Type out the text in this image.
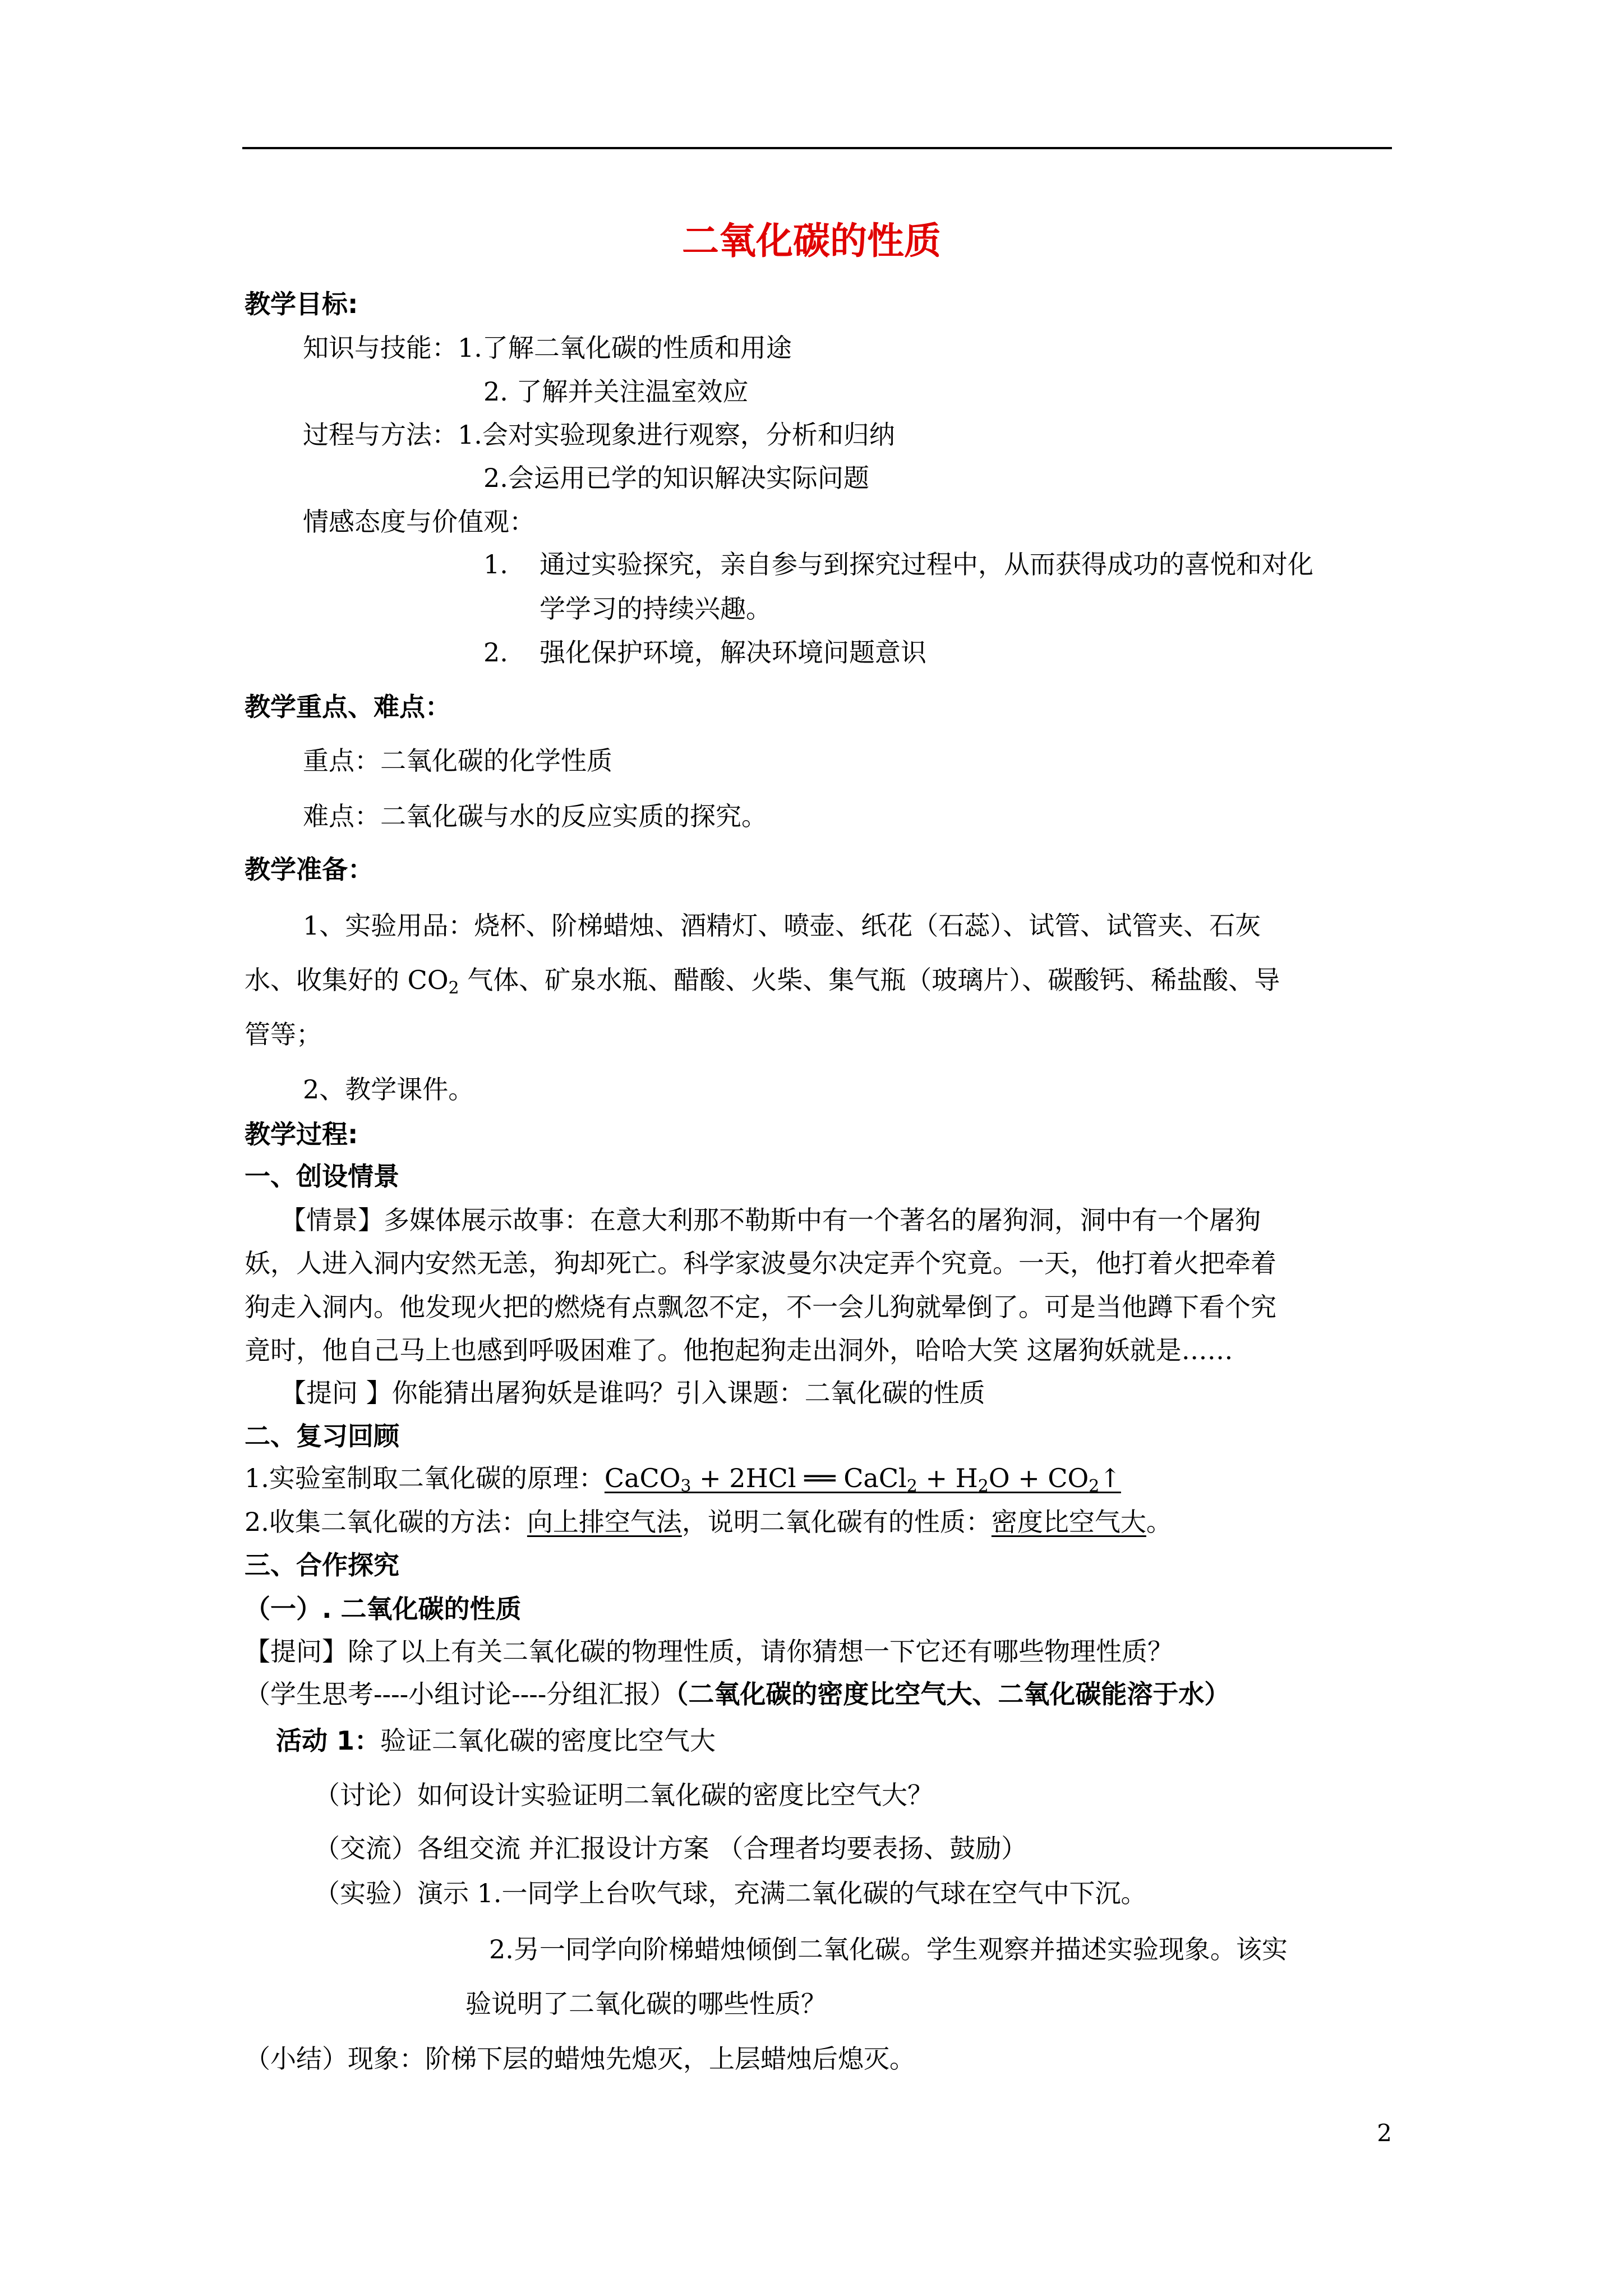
二氧化碳的性质
教学目标:
知识与技能：1.了解二氧化碳的性质和用途
2. 了解并关注温室效应
过程与方法：1.会对实验现象进行观察，分析和归纳
2.会运用已学的知识解决实际问题
情感态度与价值观：
1. 通过实验探究，亲自参与到探究过程中，从而获得成功的喜悦和对化
学学习的持续兴趣。
2. 强化保护环境，解决环境问题意识
教学重点、难点：
重点：二氧化碳的化学性质
难点：二氧化碳与水的反应实质的探究。
教学准备：
1、实验用品：烧杯、阶梯蜡烛、酒精灯、喷壶、纸花（石蕊）、试管、试管夹、石灰
水、收集好的 $CO_2$ 气体、矿泉水瓶、醋酸、火柴、集气瓶（玻璃片）、碳酸钙、稀盐酸、导
管等；
2、教学课件。
教学过程:
一、创设情景
【情景】多媒体展示故事：在意大利那不勒斯中有一个著名的屠狗洞，洞中有一个屠狗
妖，人进入洞内安然无恙，狗却死亡。科学家波曼尔决定弄个究竟。一天，他打着火把牵着
狗走入洞内。他发现火把的燃烧有点飘忽不定，不一会儿狗就晕倒了。可是当他蹲下看个究
竟时，他自己马上也感到呼吸困难了。他抱起狗走出洞外，哈哈大笑 这屠狗妖就是……
【提问 】你能猜出屠狗妖是谁吗？引入课题：二氧化碳的性质
二、复习回顾
1.实验室制取二氧化碳的原理：CaCO$_3$ + 2HCl ══ CaCl$_2$ + $H_2O$ + $CO_2↑$
2.收集二氧化碳的方法：向上排空气法，说明二氧化碳有的性质：密度比空气大。
三、合作探究
（一）. 二氧化碳的性质
【提问】除了以上有关二氧化碳的物理性质，请你猜想一下它还有哪些物理性质？
（学生思考----小组讨论----分组汇报）（二氧化碳的密度比空气大、二氧化碳能溶于水）
活动 1：验证二氧化碳的密度比空气大
（讨论）如何设计实验证明二氧化碳的密度比空气大？
（交流）各组交流 并汇报设计方案 （合理者均要表扬、鼓励）
（实验）演示 1.一同学上台吹气球，充满二氧化碳的气球在空气中下沉。
2.另一同学向阶梯蜡烛倾倒二氧化碳。学生观察并描述实验现象。该实
验说明了二氧化碳的哪些性质？
（小结）现象：阶梯下层的蜡烛先熄灭，上层蜡烛后熄灭。
2
